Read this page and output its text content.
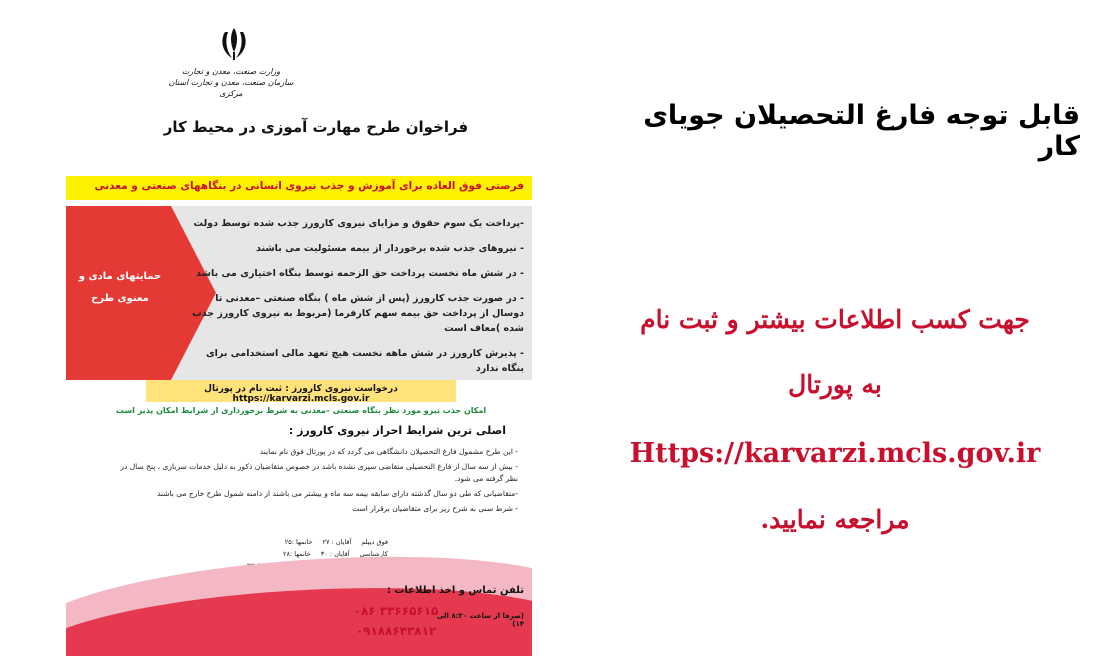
وزارت صنعت، معدن و تجارت
سازمان صنعت، معدن و تجارت استان مرکزی
فراخوان طرح مهارت آموزی در محیط کار
فرصتی فوق العاده برای آموزش و جذب نیروی انسانی در بنگاههای صنعتی و معدنی
حمایتهای مادی و معنوی طرح
-پرداخت یک سوم حقوق و مزایای نیروی کارورز جذب شده توسط دولت
- نیروهای جذب شده برخوردار از بیمه مسئولیت می باشند
- در شش ماه نخست پرداخت حق الزحمه توسط بنگاه اختیاری می باشد
- در صورت جذب کارورز (پس از شش ماه ) بنگاه صنعتی –معدنی تا دوسال از پرداخت حق بیمه سهم کارفرما (مربوط به نیروی کارورز جذب شده )معاف است
- پذیرش کارورز در شش ماهه نخست هیچ تعهد مالی استخدامی برای بنگاه ندارد
درخواست نیروی کارورز : ثبت نام در پورتال https://karvarzi.mcls.gov.ir
امکان جذب نیرو مورد نظر بنگاه صنعتی –معدنی به شرط برخورداری از شرایط امکان پذیر است
اصلی ترین شرایط احراز نیروی کارورز :
- این طرح مشمول فارغ التحصیلان دانشگاهی می گردد که در پورتال فوق نام نمایند
- بیش از سه سال از فارغ التحصیلی متقاضی سپری نشده باشد در خصوص متقاضیان ذکور به دلیل خدمات سربازی ، پنج سال در نظر گرفته می شود.
-متقاضیانی که طی دو سال گذشته دارای سابقه بیمه سه ماه و بیشتر می باشند از دامنه شمول طرح خارج می باشند
- شرط سنی به شرح زیر برای متقاضیان برقرار است
فوق دیپلم
آقایان : ۲۷
خانمها :۲۵
کارشناسی
آقایان : ۳۰
خانمها :۲۸
تلفن تماس و اخذ اطلاعات :
۰۸۶ ۳۳۶۶۵۶۱۵
۰۹۱۸۸۶۴۳۸۱۲
(صرفا از ساعت ۸:۳۰ الی ۱۴)
قابل توجه فارغ التحصیلان جویای کار
جهت کسب اطلاعات بیشتر و ثبت نام
به پورتال
Https://karvarzi.mcls.gov.ir
مراجعه نمایید.
